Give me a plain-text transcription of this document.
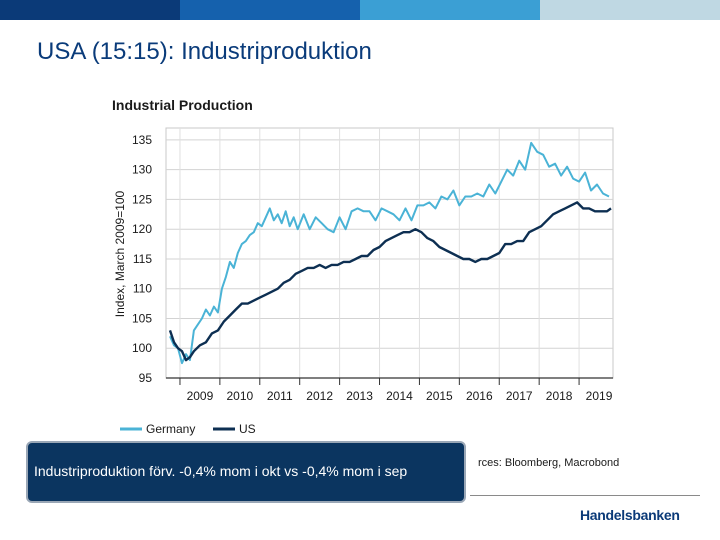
USA (15:15): Industriproduktion
Industrial Production
95
100
105
110
115
120
125
130
135
2009 2010 2011 2012 2013 2014 2015 2016 2017 2018 2019
Index, March 2009=100
Germany	US
Industriproduktion förv. -0,4% mom i okt vs -0,4% mom i sep	rces: Bloomberg, Macrobond
Handelsbanken
